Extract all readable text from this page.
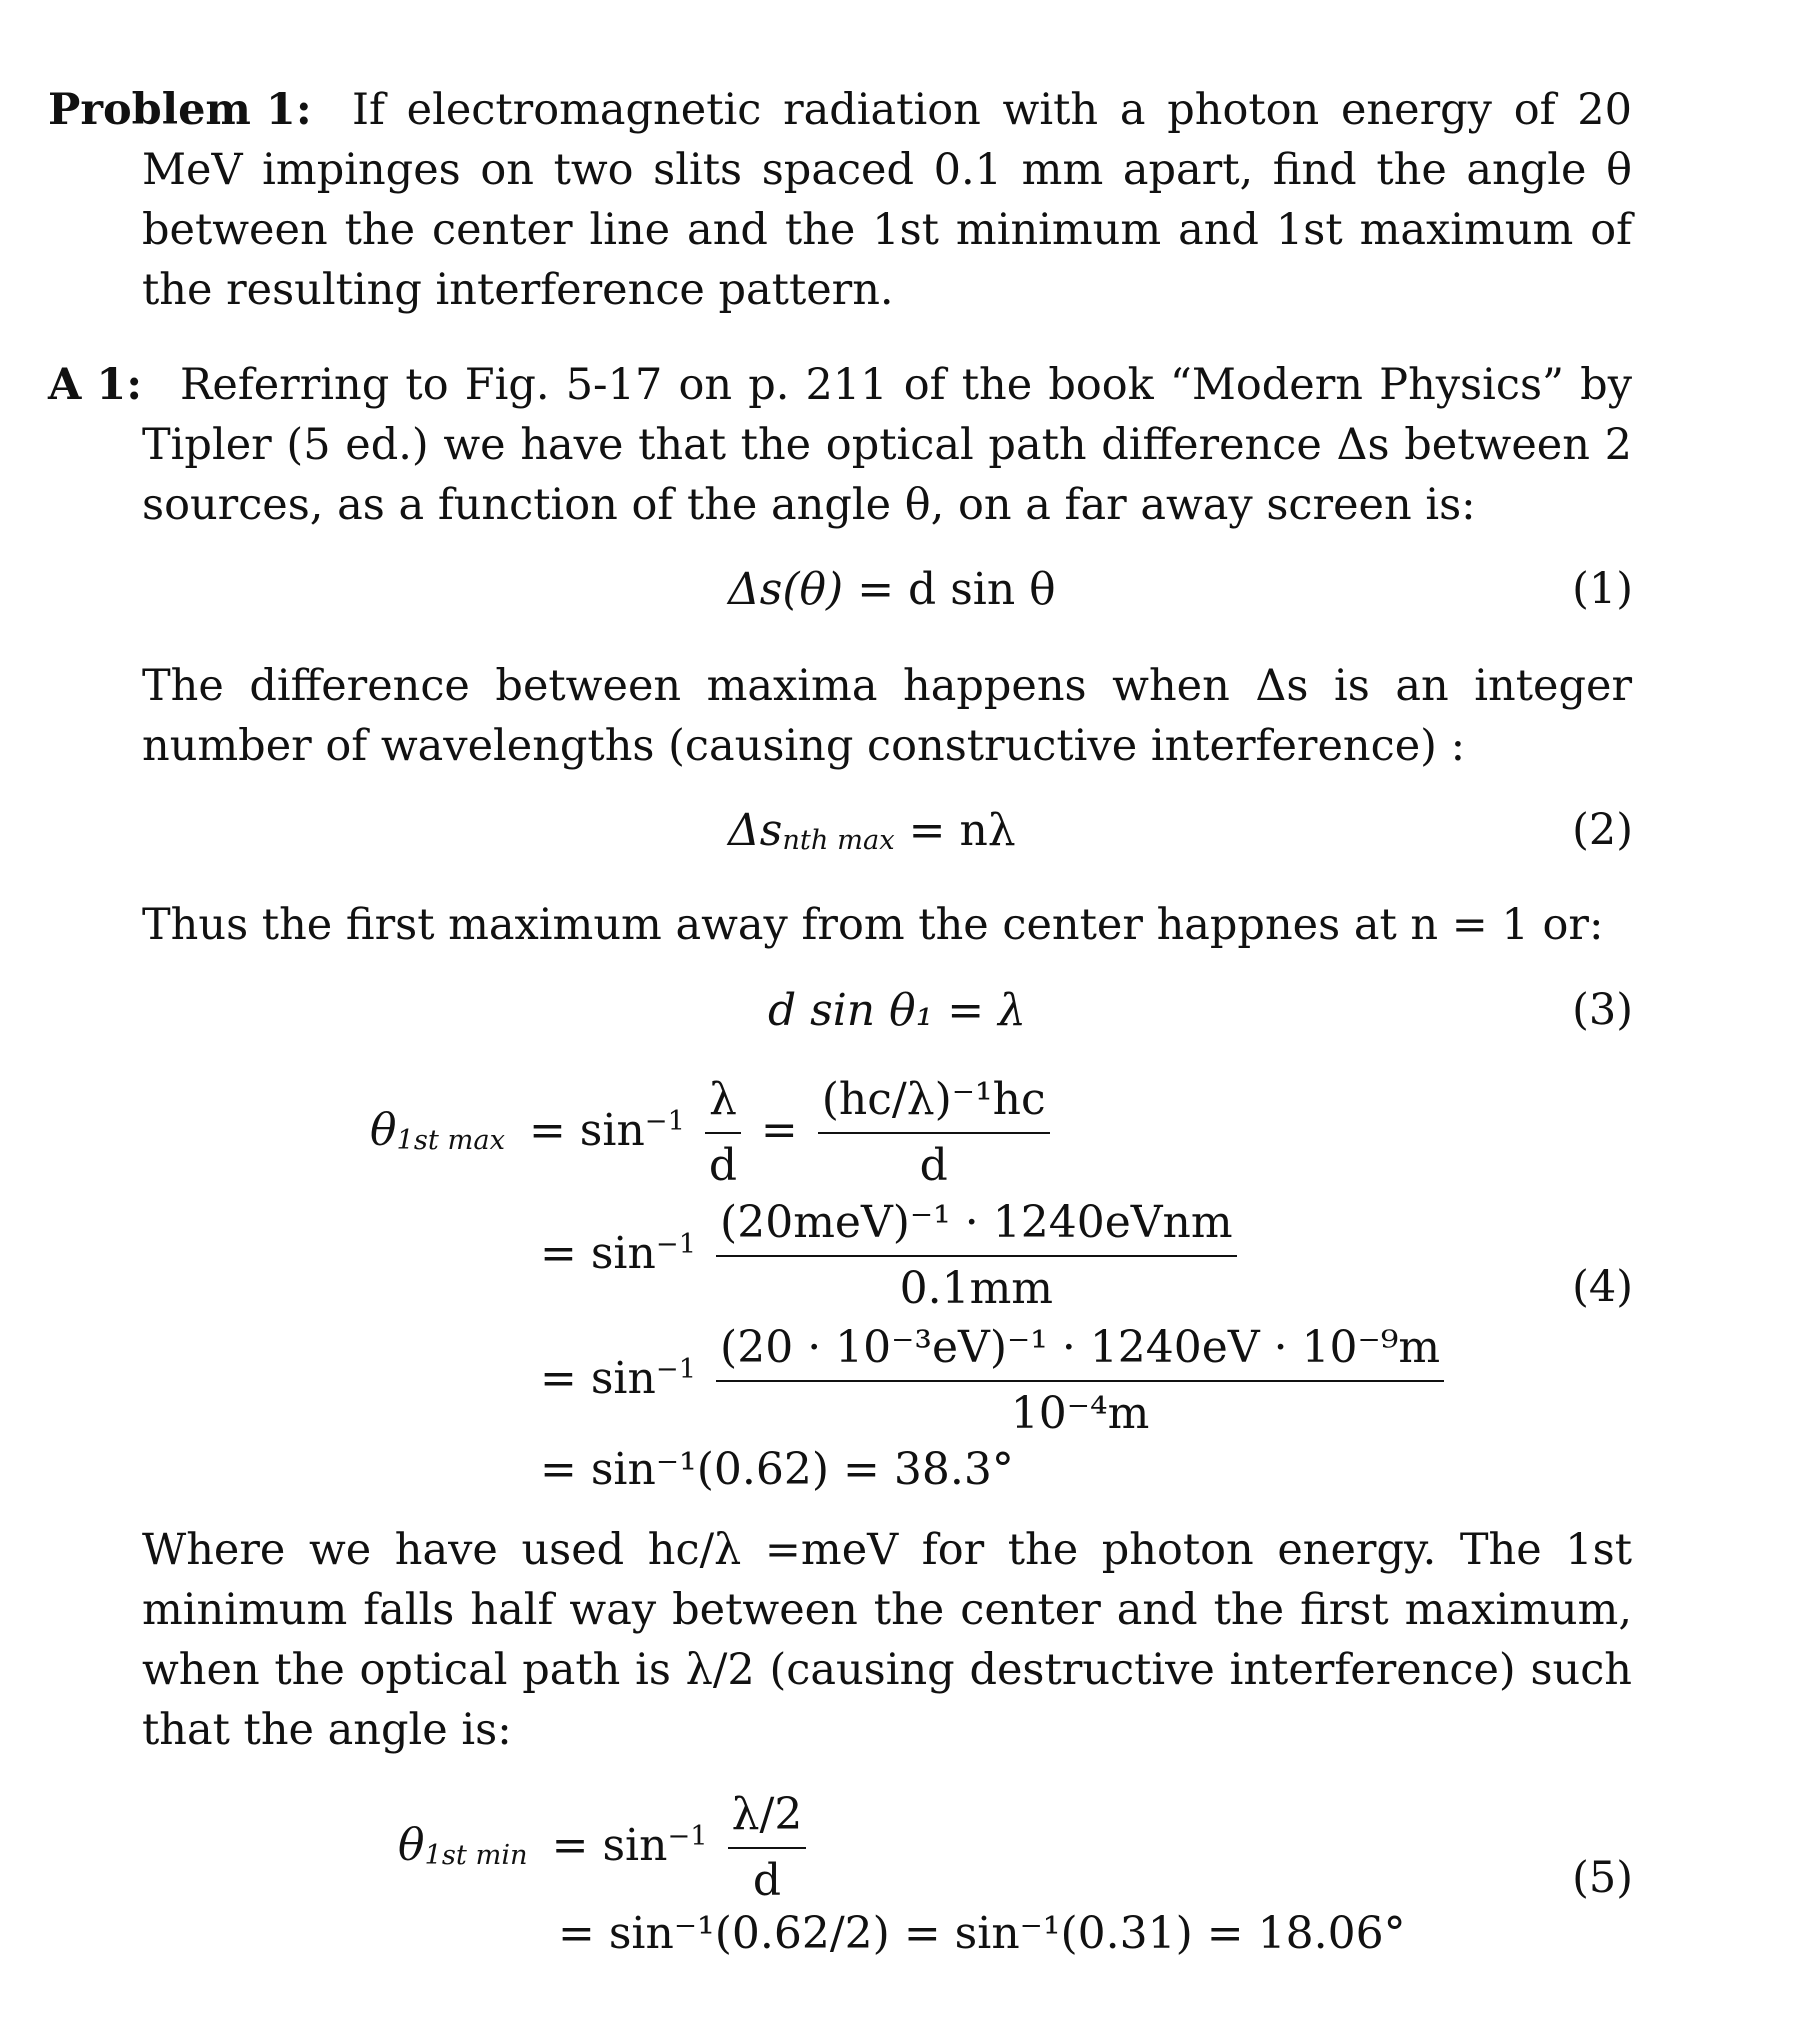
Problem 1: If electromagnetic radiation with a photon energy of 20 MeV impinges on two slits spaced 0.1 mm apart, find the angle θ between the center line and the 1st minimum and 1st maximum of the resulting interference pattern.

A 1: Referring to Fig. 5-17 on p. 211 of the book “Modern Physics” by Tipler (5 ed.) we have that the optical path difference Δs between 2 sources, as a function of the angle θ, on a far away screen is:

Δs(θ) = d sin θ	(1)

The difference between maxima happens when Δs is an integer number of wavelengths (causing constructive interference) :

$\Delta s_{nth max} = n\lambda$	(2)

Thus the first maximum away from the center happnes at n = 1 or:

d sin θ₁ = λ	(3)
$\theta_{1st max} = \sin^{-1} \frac{\lambda}{d} = \frac{\text{(hc/λ)⁻¹hc}}{d}$
= $\sin^{-1} \frac{\text{(20meV)⁻¹ · 1240eVnm}}{0.1mm}$	(4)
= $\sin^{-1} \frac{\text{(20 · 10⁻³eV)⁻¹ · 1240eV · 10⁻⁹m}}{\text{10⁻⁴m}}$
= sin⁻¹(0.62) = 38.3°

Where we have used hc/λ =meV for the photon energy. The 1st minimum falls half way between the center and the first maximum, when the optical path is λ/2 (causing destructive interference) such that the angle is:

$\theta_{1st min} = \sin^{-1} \frac{\lambda/2}{d}$	(5)
= sin⁻¹(0.62/2) = sin⁻¹(0.31) = 18.06°
